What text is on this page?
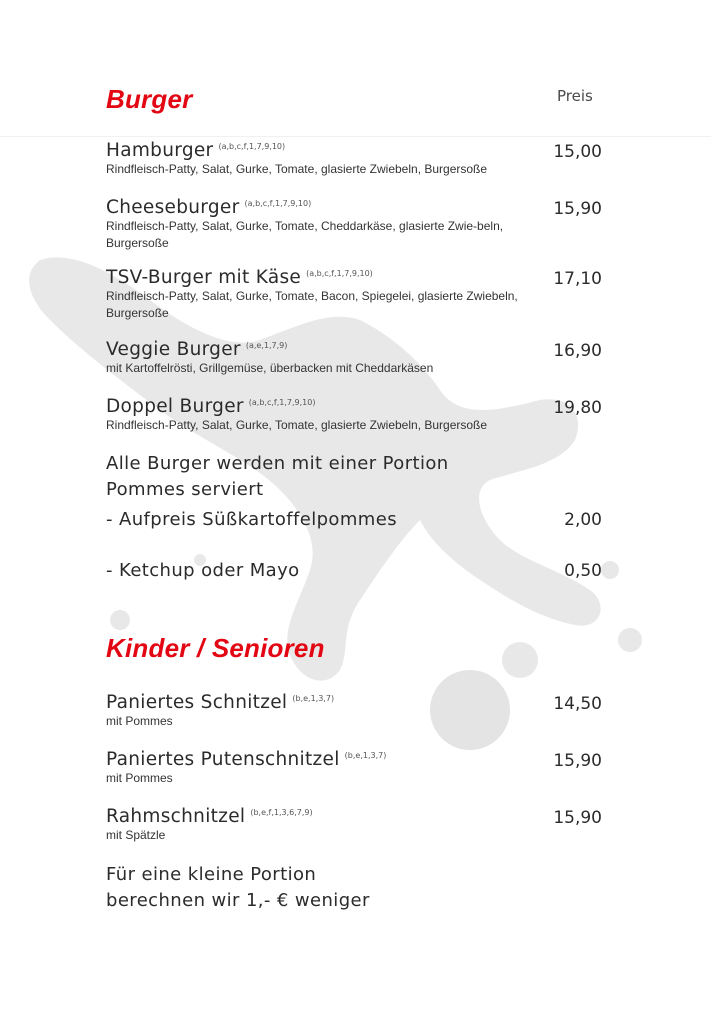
Burger	Preis
Hamburger $^{(a,b,c,f,1,7,9,10)}$
Rindfleisch-Patty, Salat, Gurke, Tomate, glasierte Zwiebeln, Burgersoße
15,00
Cheeseburger $^{(a,b,c,f,1,7,9,10)}$
Rindfleisch-Patty, Salat, Gurke, Tomate, Cheddarkäse, glasierte Zwie-beln, Burgersoße
15,90
TSV-Burger mit Käse $^{(a,b,c,f,1,7,9,10)}$
Rindfleisch-Patty, Salat, Gurke, Tomate, Bacon, Spiegelei, glasierte Zwiebeln, Burgersoße
17,10
Veggie Burger $^{(a,e,1,7,9)}$
mit Kartoffelrösti, Grillgemüse, überbacken mit Cheddarkäsen
16,90
Doppel Burger $^{(a,b,c,f,1,7,9,10)}$
Rindfleisch-Patty, Salat, Gurke, Tomate, glasierte Zwiebeln, Burgersoße
19,80
Alle Burger werden mit einer Portion
Pommes serviert
- Aufpreis Süßkartoffelpommes	2,00
- Ketchup oder Mayo	0,50
Kinder / Senioren
Paniertes Schnitzel $^{(b,e,1,3,7)}$
mit Pommes
14,50
Paniertes Putenschnitzel $^{(b,e,1,3,7)}$
mit Pommes
15,90
Rahmschnitzel $^{(b,e,f,1,3,6,7,9)}$
mit Spätzle
15,90
Für eine kleine Portion
berechnen wir 1,- € weniger
